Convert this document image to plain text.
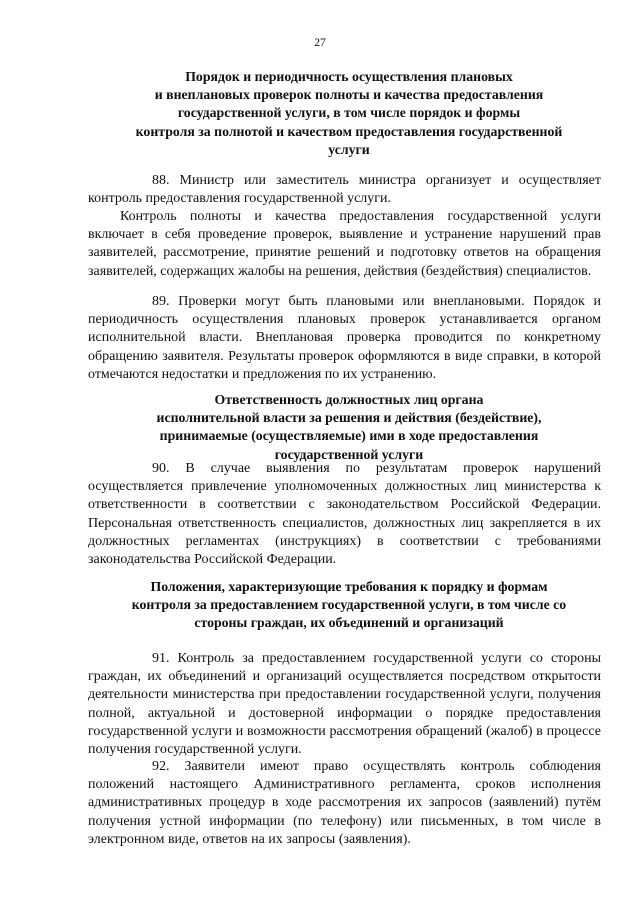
27
Порядок и периодичность осуществления плановых
и внеплановых проверок полноты и качества предоставления
государственной услуги, в том числе порядок и формы
контроля за полнотой и качеством предоставления государственной
услуги

88. Министр или заместитель министра организует и осуществляет контроль предоставления государственной услуги.

Контроль полноты и качества предоставления государственной услуги включает в себя проведение проверок, выявление и устранение нарушений прав заявителей, рассмотрение, принятие решений и подготовку ответов на обращения заявителей, содержащих жалобы на решения, действия (бездействия) специалистов.

89. Проверки могут быть плановыми или внеплановыми. Порядок и периодичность осуществления плановых проверок устанавливается органом исполнительной власти. Внеплановая проверка проводится по конкретному обращению заявителя. Результаты проверок оформляются в виде справки, в которой отмечаются недостатки и предложения по их устранению.

Ответственность должностных лиц органа
исполнительной власти за решения и действия (бездействие),
принимаемые (осуществляемые) ими в ходе предоставления
государственной услуги

90. В случае выявления по результатам проверок нарушений осуществляется привлечение уполномоченных должностных лиц министерства к ответственности в соответствии с законодательством Российской Федерации. Персональная ответственность специалистов, должностных лиц закрепляется в их должностных регламентах (инструкциях) в соответствии с требованиями законодательства Российской Федерации.

Положения, характеризующие требования к порядку и формам
контроля за предоставлением государственной услуги, в том числе со
стороны граждан, их объединений и организаций

91. Контроль за предоставлением государственной услуги со стороны граждан, их объединений и организаций осуществляется посредством открытости деятельности министерства при предоставлении государственной услуги, получения полной, актуальной и достоверной информации о порядке предоставления государственной услуги и возможности рассмотрения обращений (жалоб) в процессе получения государственной услуги.

92. Заявители имеют право осуществлять контроль соблюдения положений настоящего Административного регламента, сроков исполнения административных процедур в ходе рассмотрения их запросов (заявлений) путём получения устной информации (по телефону) или письменных, в том числе в электронном виде, ответов на их запросы (заявления).
